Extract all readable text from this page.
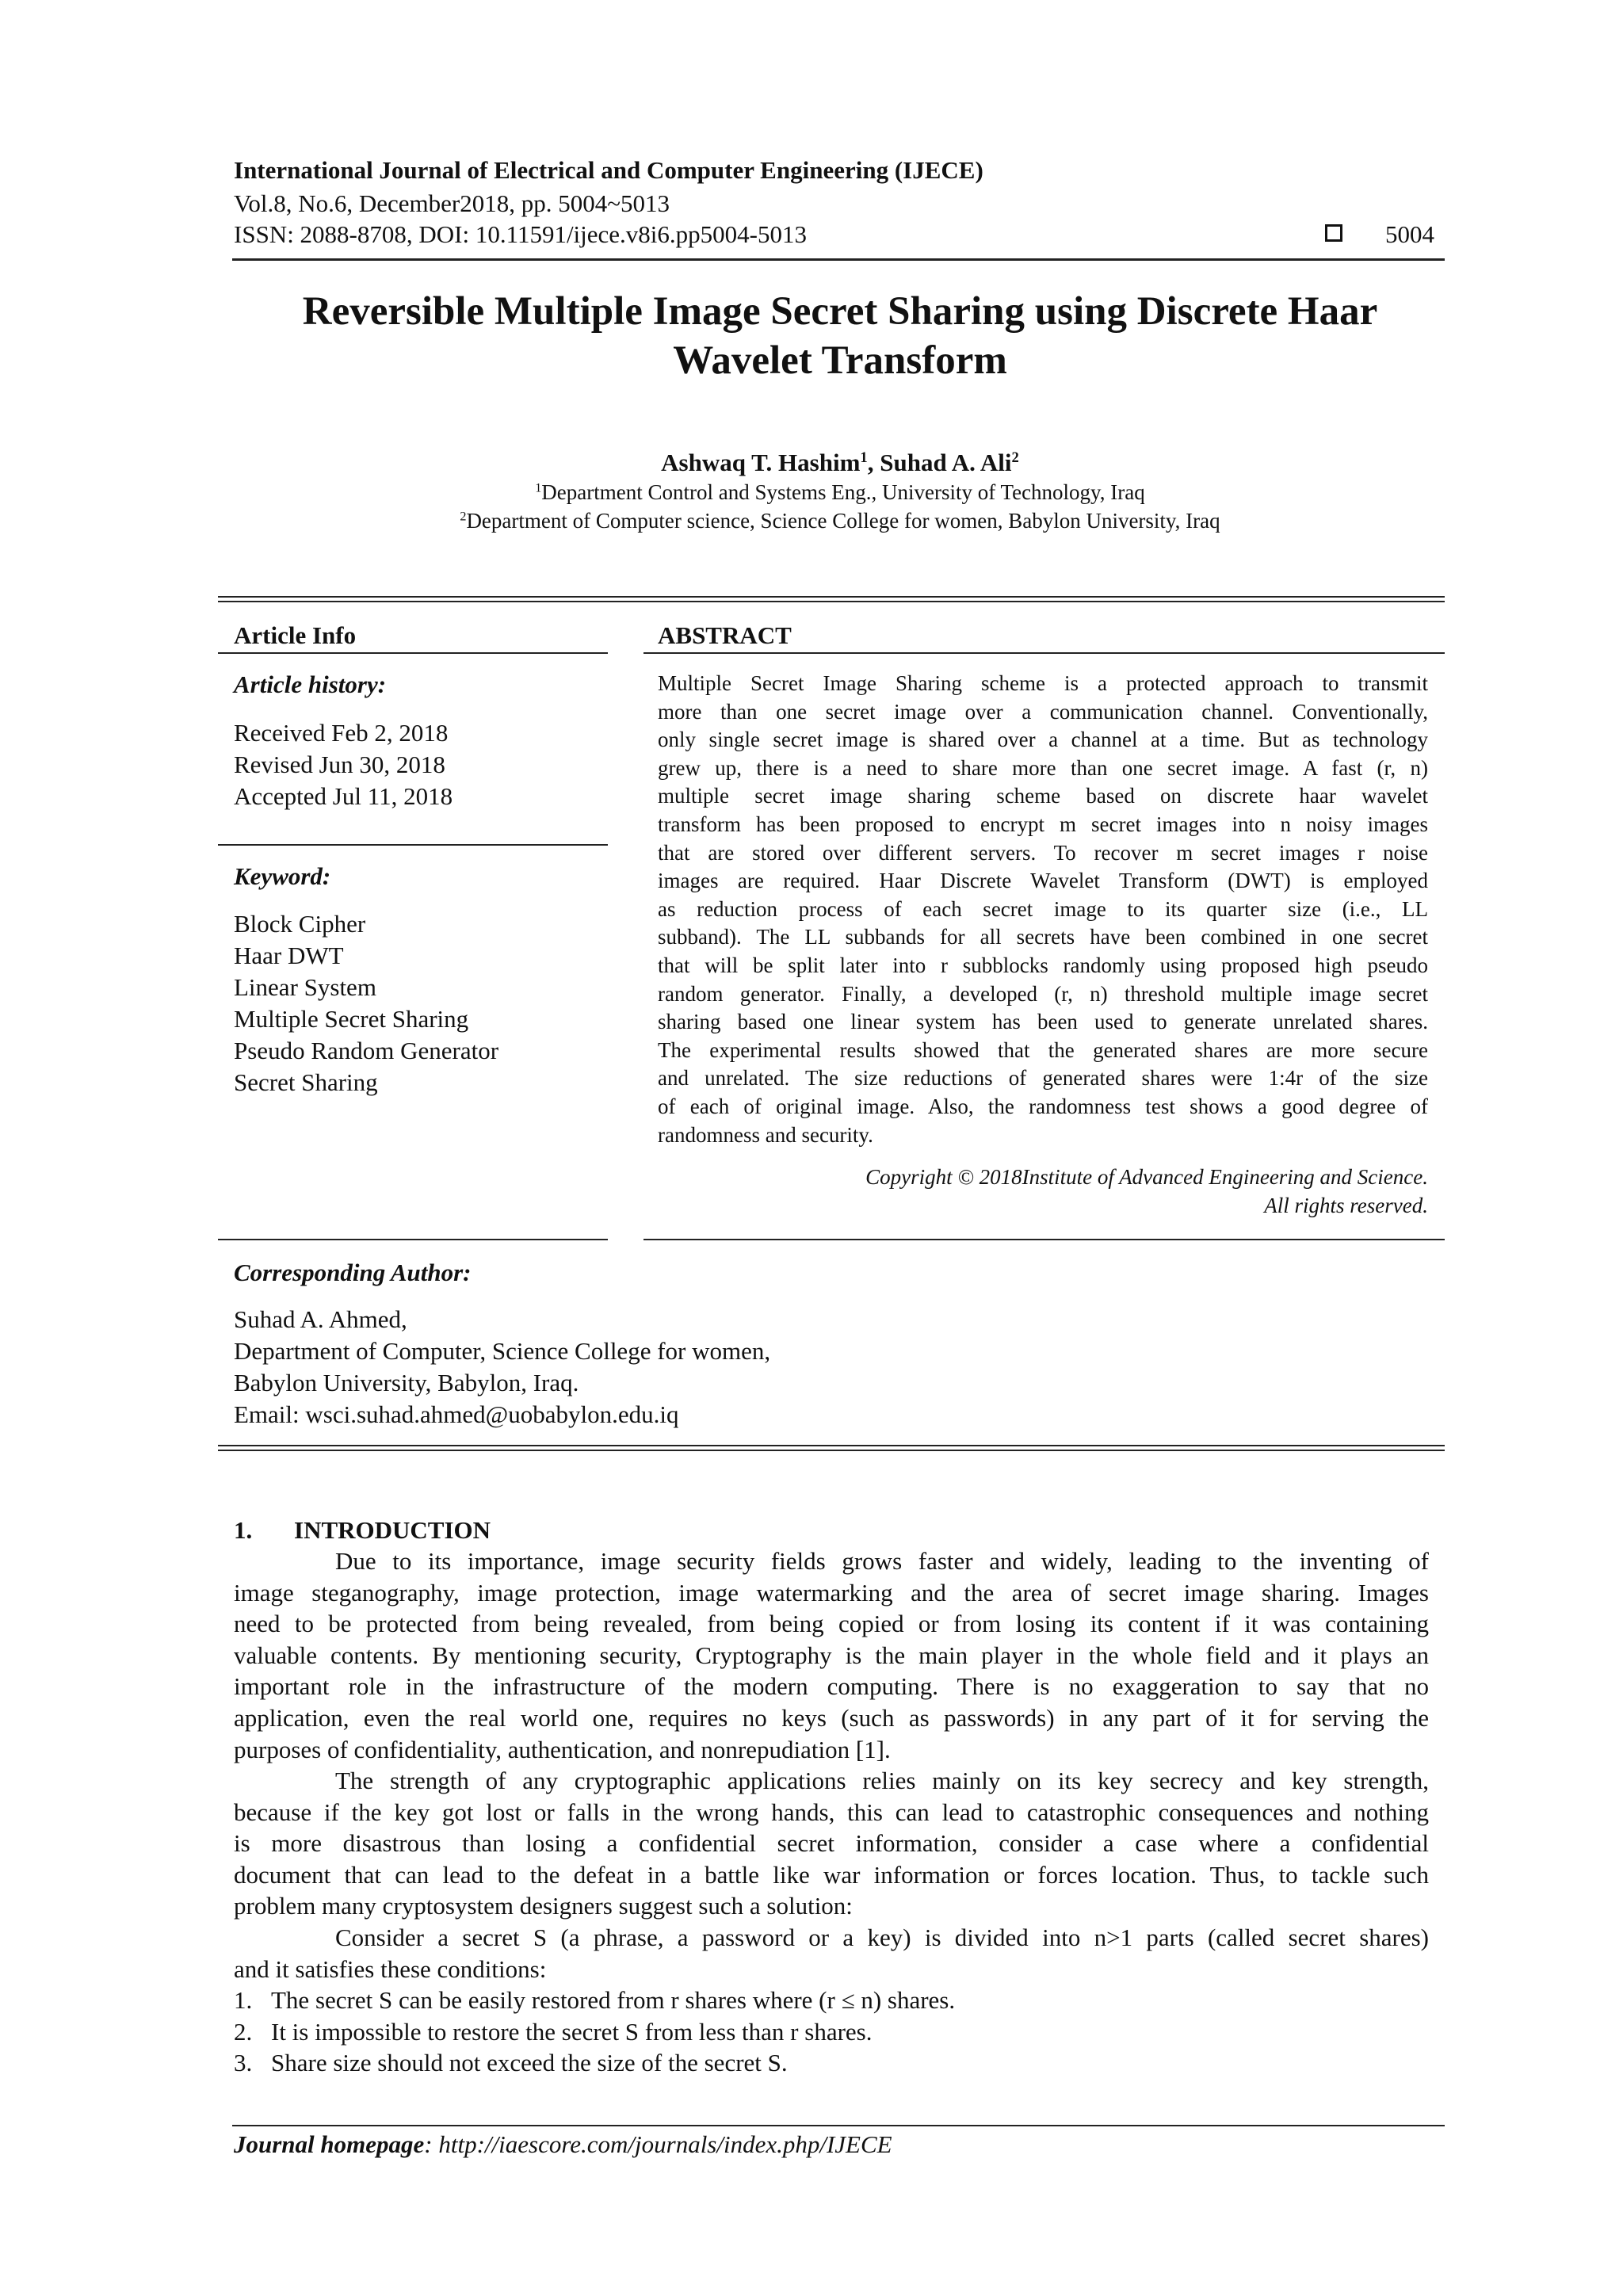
International Journal of Electrical and Computer Engineering (IJECE)
Vol.8, No.6, December2018, pp. 5004~5013
ISSN: 2088-8708, DOI: 10.11591/ijece.v8i6.pp5004-5013	5004
Reversible Multiple Image Secret Sharing using Discrete Haar
Wavelet Transform
Ashwaq T. Hashim$^1$, Suhad A. Ali$^2$
$^1$Department Control and Systems Eng., University of Technology, Iraq
$^2$Department of Computer science, Science College for women, Babylon University, Iraq
Article Info
Article history:
Received Feb 2, 2018
Revised Jun 30, 2018
Accepted Jul 11, 2018
Keyword:
Block Cipher
Haar DWT
Linear System
Multiple Secret Sharing
Pseudo Random Generator
Secret Sharing
ABSTRACT
Multiple Secret Image Sharing scheme is a protected approach to transmit
more than one secret image over a communication channel. Conventionally,
only single secret image is shared over a channel at a time. But as technology
grew up, there is a need to share more than one secret image. A fast (r, n)
multiple secret image sharing scheme based on discrete haar wavelet
transform has been proposed to encrypt m secret images into n noisy images
that are stored over different servers. To recover m secret images r noise
images are required. Haar Discrete Wavelet Transform (DWT) is employed
as reduction process of each secret image to its quarter size (i.e., LL
subband). The LL subbands for all secrets have been combined in one secret
that will be split later into r subblocks randomly using proposed high pseudo
random generator. Finally, a developed (r, n) threshold multiple image secret
sharing based one linear system has been used to generate unrelated shares.
The experimental results showed that the generated shares are more secure
and unrelated. The size reductions of generated shares were 1:4r of the size
of each of original image. Also, the randomness test shows a good degree of
randomness and security.
Copyright © 2018Institute of Advanced Engineering and Science.
All rights reserved.
Corresponding Author:
Suhad A. Ahmed,
Department of Computer, Science College for women,
Babylon University, Babylon, Iraq.
Email: wsci.suhad.ahmed@uobabylon.edu.iq
1. INTRODUCTION
Due to its importance, image security fields grows faster and widely, leading to the inventing of
image steganography, image protection, image watermarking and the area of secret image sharing. Images
need to be protected from being revealed, from being copied or from losing its content if it was containing
valuable contents. By mentioning security, Cryptography is the main player in the whole field and it plays an
important role in the infrastructure of the modern computing. There is no exaggeration to say that no
application, even the real world one, requires no keys (such as passwords) in any part of it for serving the
purposes of confidentiality, authentication, and nonrepudiation [1].
The strength of any cryptographic applications relies mainly on its key secrecy and key strength,
because if the key got lost or falls in the wrong hands, this can lead to catastrophic consequences and nothing
is more disastrous than losing a confidential secret information, consider a case where a confidential
document that can lead to the defeat in a battle like war information or forces location. Thus, to tackle such
problem many cryptosystem designers suggest such a solution:
Consider a secret S (a phrase, a password or a key) is divided into n>1 parts (called secret shares)
and it satisfies these conditions:
1. The secret S can be easily restored from r shares where (r ≤ n) shares.
2. It is impossible to restore the secret S from less than r shares.
3. Share size should not exceed the size of the secret S.
Journal homepage: http://iaescore.com/journals/index.php/IJECE
